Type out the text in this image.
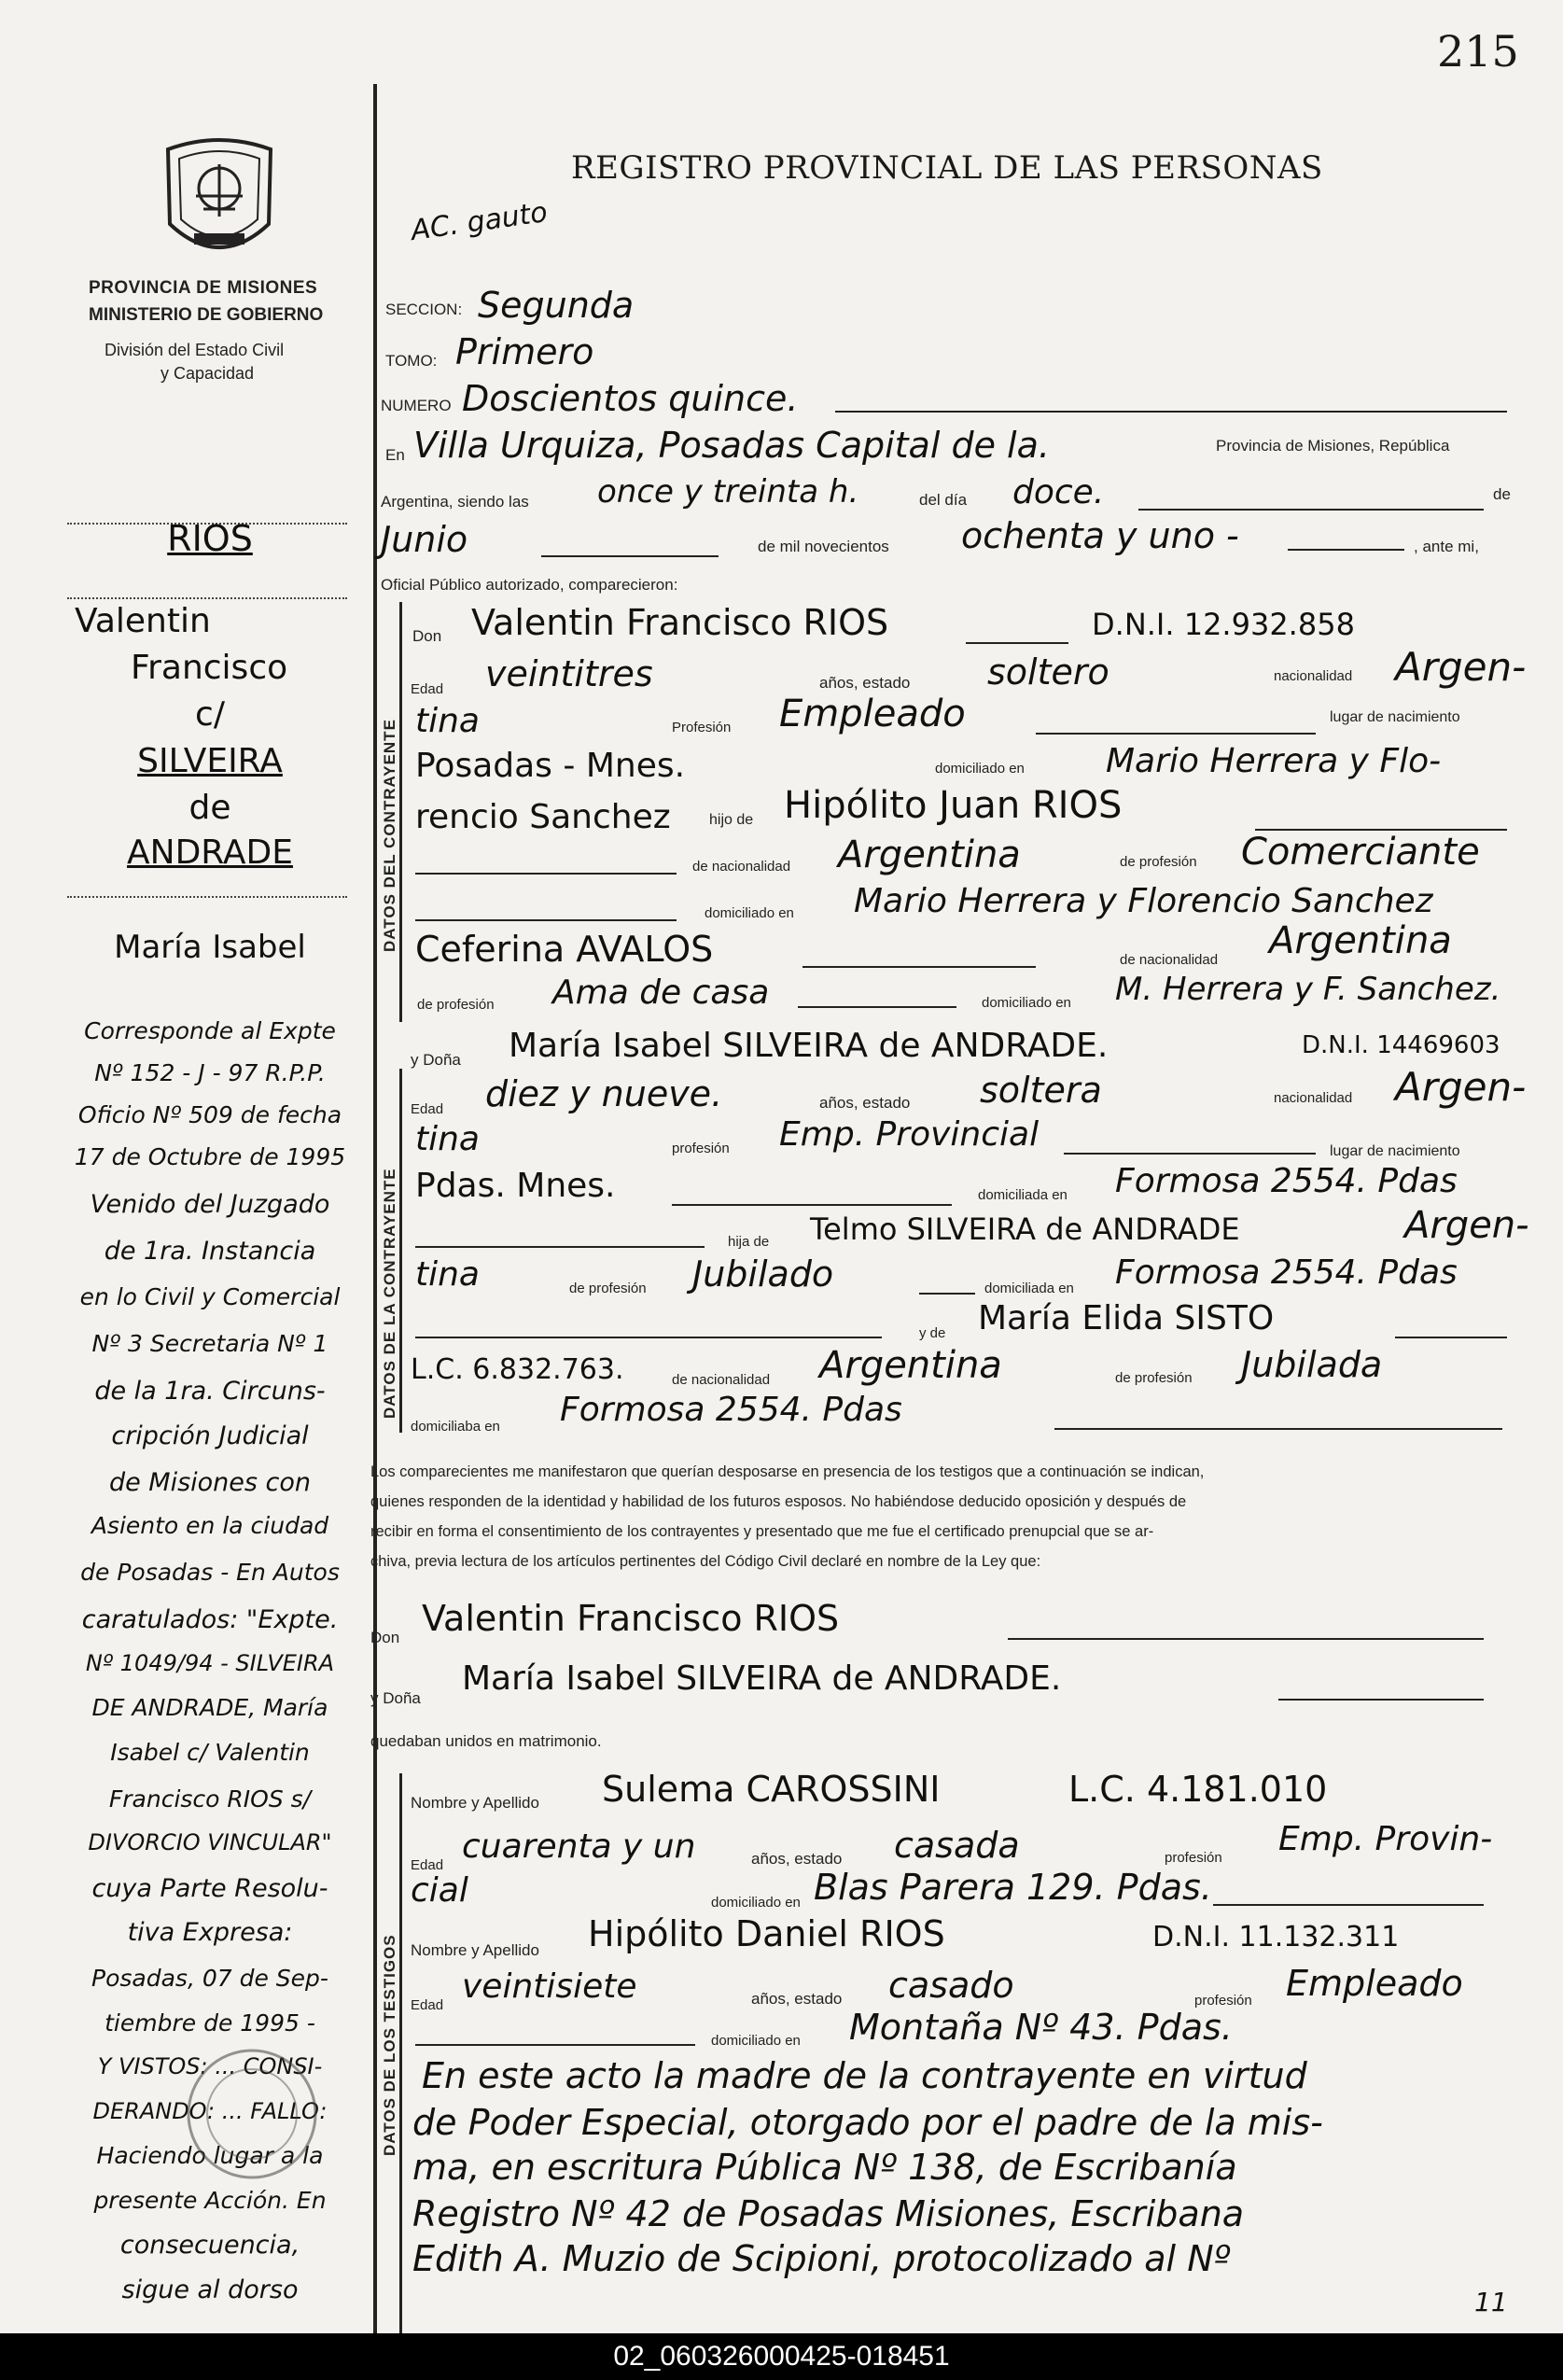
215
PROVINCIA DE MISIONES
MINISTERIO DE GOBIERNO
División del Estado Civil
y Capacidad
REGISTRO PROVINCIAL DE LAS PERSONAS
AC. gauto
SECCION: Segunda
TOMO: Primero
NUMERO Doscientos quince.
En Villa Urquiza, Posadas Capital de la.	Provincia de Misiones, República
Argentina, siendo las once y treinta h.	del día doce.	de
Junio	de mil novecientos ochenta y uno -	, ante mi,
Oficial Público autorizado, comparecieron:
DATOS DEL CONTRAYENTE
Don Valentin Francisco RIOS	D.N.I. 12.932.858
Edad veintitres	años, estado soltero	nacionalidad Argen-
tina	Profesión Empleado	lugar de nacimiento
Posadas - Mnes.	domiciliado en Mario Herrera y Flo-
rencio Sanchez	hijo de Hipólito Juan RIOS
de nacionalidad Argentina	de profesión Comerciante
domiciliado en Mario Herrera y Florencio Sanchez
Ceferina AVALOS	de nacionalidad Argentina
de profesión Ama de casa	domiciliado en M. Herrera y F. Sanchez.
DATOS DE LA CONTRAYENTE
y Doña María Isabel SILVEIRA de ANDRADE.	D.N.I. 14469603
Edad diez y nueve.	años, estado soltera	nacionalidad Argen-
tina	profesión Emp. Provincial	lugar de nacimiento
Pdas. Mnes.	domiciliada en Formosa 2554. Pdas
hija de Telmo SILVEIRA de ANDRADE	Argen-
tina	de profesión Jubilado	domiciliada en Formosa 2554. Pdas
y de María Elida SISTO
L.C. 6.832.763.	de nacionalidad Argentina	de profesión Jubilada
domiciliaba en Formosa 2554. Pdas
Los comparecientes me manifestaron que querían desposarse en presencia de los testigos que a continuación se indican,
quienes responden de la identidad y habilidad de los futuros esposos. No habiéndose deducido oposición y después de
recibir en forma el consentimiento de los contrayentes y presentado que me fue el certificado prenupcial que se ar-
chiva, previa lectura de los artículos pertinentes del Código Civil declaré en nombre de la Ley que:
Don Valentin Francisco RIOS
y Doña
María Isabel SILVEIRA de ANDRADE.
quedaban unidos en matrimonio.
DATOS DE LOS TESTIGOS
Nombre y Apellido Sulema CAROSSINI	L.C. 4.181.010
Edad cuarenta y un	años, estado casada	profesión Emp. Provin-
cial	domiciliado en Blas Parera 129. Pdas.
Nombre y Apellido Hipólito Daniel RIOS	D.N.I. 11.132.311
Edad veintisiete	años, estado casado	profesión Empleado
domiciliado en Montaña Nº 43. Pdas.
En este acto la madre de la contrayente en virtud
de Poder Especial, otorgado por el padre de la mis-
ma, en escritura Pública Nº 138, de Escribanía
Registro Nº 42 de Posadas Misiones, Escribana
Edith A. Muzio de Scipioni, protocolizado al Nº
11
RIOS
Valentin
Francisco
c/
SILVEIRA
de
ANDRADE
María Isabel
Corresponde al Expte
Nº 152 - J - 97 R.P.P.
Oficio Nº 509 de fecha
17 de Octubre de 1995
Venido del Juzgado
de 1ra. Instancia
en lo Civil y Comercial
Nº 3 Secretaria Nº 1
de la 1ra. Circuns-
cripción Judicial
de Misiones con
Asiento en la ciudad
de Posadas - En Autos
caratulados: "Expte.
Nº 1049/94 - SILVEIRA
DE ANDRADE, María
Isabel c/ Valentin
Francisco RIOS s/
DIVORCIO VINCULAR"
cuya Parte Resolu-
tiva Expresa:
Posadas, 07 de Sep-
tiembre de 1995 -
Y VISTOS: ... CONSI-
DERANDO: ... FALLO:
Haciendo lugar a la
presente Acción. En
consecuencia,
sigue al dorso
02_060326000425-018451
